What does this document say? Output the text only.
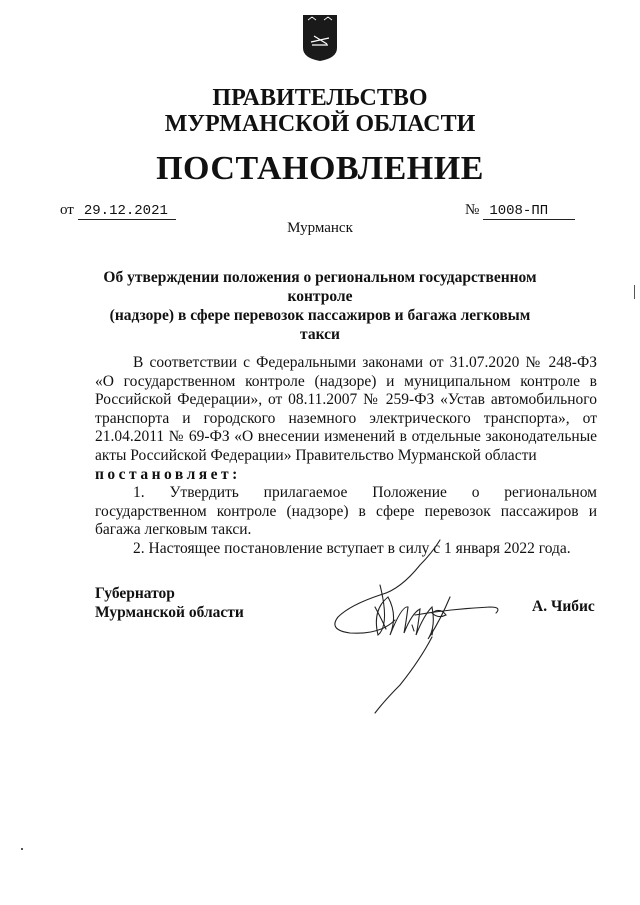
ПРАВИТЕЛЬСТВО
МУРМАНСКОЙ ОБЛАСТИ
ПОСТАНОВЛЕНИЕ
от 29.12.2021	№ 1008-ПП
Мурманск
Об утверждении положения о региональном государственном контроле
(надзоре) в сфере перевозок пассажиров и багажа легковым такси
В соответствии с Федеральными законами от 31.07.2020 № 248-ФЗ «О государственном контроле (надзоре) и муниципальном контроле в Российской Федерации», от 08.11.2007 № 259-ФЗ «Устав автомобильного транспорта и городского наземного электрического транспорта», от 21.04.2011 № 69-ФЗ «О внесении изменений в отдельные законодательные акты Российской Федерации» Правительство Мурманской области
постановляет:
1. Утвердить прилагаемое Положение о региональном государственном контроле (надзоре) в сфере перевозок пассажиров и багажа легковым такси.
2. Настоящее постановление вступает в силу с 1 января 2022 года.
Губернатор
Мурманской области	А. Чибис
